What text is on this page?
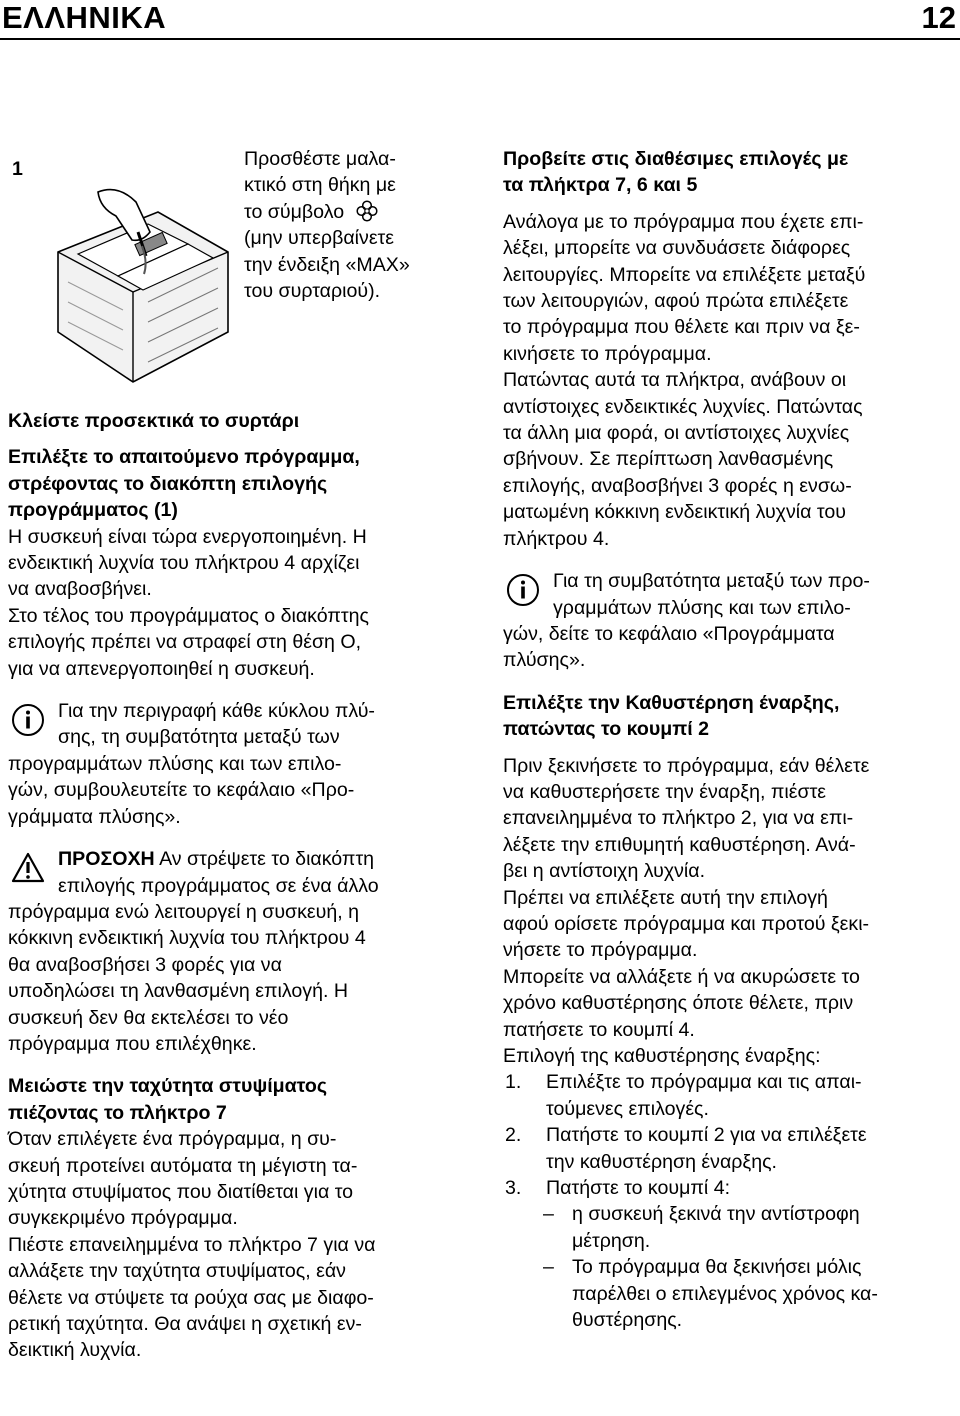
ΕΛΛΗΝΙΚΑ	12
1	Προσθέστε μαλα-

κτικό στη θήκη με

το σύμβολο

(μην υπερβαίνετε

την ένδειξη «MAX»

του συρταριού).

Κλείστε προσεκτικά το συρτάρι

Επιλέξτε το απαιτούμενο πρόγραμμα,

στρέφοντας το διακόπτη επιλογής

προγράμματος (1)

Η συσκευή είναι τώρα ενεργοποιημένη. Η

ενδεικτική λυχνία του πλήκτρου 4 αρχίζει

να αναβοσβήνει.

Στο τέλος του προγράμματος ο διακόπτης

επιλογής πρέπει να στραφεί στη θέση O,

για να απενεργοποιηθεί η συσκευή.

Για την περιγραφή κάθε κύκλου πλύ-

σης, τη συμβατότητα μεταξύ των

προγραμμάτων πλύσης και των επιλο-

γών, συμβουλευτείτε το κεφάλαιο «Προ-

γράμματα πλύσης».

ΠΡΟΣΟΧΗ Αν στρέψετε το διακόπτη

επιλογής προγράμματος σε ένα άλλο

πρόγραμμα ενώ λειτουργεί η συσκευή, η

κόκκινη ενδεικτική λυχνία του πλήκτρου 4

θα αναβοσβήσει 3 φορές για να

υποδηλώσει τη λανθασμένη επιλογή. Η

συσκευή δεν θα εκτελέσει το νέο

πρόγραμμα που επιλέχθηκε.

Μειώστε την ταχύτητα στυψίματος

πιέζοντας το πλήκτρο 7

Όταν επιλέγετε ένα πρόγραμμα, η συ-

σκευή προτείνει αυτόματα τη μέγιστη τα-

χύτητα στυψίματος που διατίθεται για το

συγκεκριμένο πρόγραμμα.

Πιέστε επανειλημμένα το πλήκτρο 7 για να

αλλάξετε την ταχύτητα στυψίματος, εάν

θέλετε να στύψετε τα ρούχα σας με διαφο-

ρετική ταχύτητα. Θα ανάψει η σχετική εν-

δεικτική λυχνία.

Προβείτε στις διαθέσιμες επιλογές με

τα πλήκτρα 7, 6 και 5

Ανάλογα με το πρόγραμμα που έχετε επι-

λέξει, μπορείτε να συνδυάσετε διάφορες

λειτουργίες. Μπορείτε να επιλέξετε μεταξύ

των λειτουργιών, αφού πρώτα επιλέξετε

το πρόγραμμα που θέλετε και πριν να ξε-

κινήσετε το πρόγραμμα.

Πατώντας αυτά τα πλήκτρα, ανάβουν οι

αντίστοιχες ενδεικτικές λυχνίες. Πατώντας

τα άλλη μια φορά, οι αντίστοιχες λυχνίες

σβήνουν. Σε περίπτωση λανθασμένης

επιλογής, αναβοσβήνει 3 φορές η ενσω-

ματωμένη κόκκινη ενδεικτική λυχνία του

πλήκτρου 4.

Για τη συμβατότητα μεταξύ των προ-

γραμμάτων πλύσης και των επιλο-

γών, δείτε το κεφάλαιο «Προγράμματα

πλύσης».

Επιλέξτε την Καθυστέρηση έναρξης,

πατώντας το κουμπί 2

Πριν ξεκινήσετε το πρόγραμμα, εάν θέλετε

να καθυστερήσετε την έναρξη, πιέστε

επανειλημμένα το πλήκτρο 2, για να επι-

λέξετε την επιθυμητή καθυστέρηση. Ανά-

βει η αντίστοιχη λυχνία.

Πρέπει να επιλέξετε αυτή την επιλογή

αφού ορίσετε πρόγραμμα και προτού ξεκι-

νήσετε το πρόγραμμα.

Μπορείτε να αλλάξετε ή να ακυρώσετε το

χρόνο καθυστέρησης όποτε θέλετε, πριν

πατήσετε το κουμπί 4.

Επιλογή της καθυστέρησης έναρξης:

1. Επιλέξτε το πρόγραμμα και τις απαι-

τούμενες επιλογές.

2. Πατήστε το κουμπί 2 για να επιλέξετε

την καθυστέρηση έναρξης.

3. Πατήστε το κουμπί 4:

– η συσκευή ξεκινά την αντίστροφη

μέτρηση.

– Το πρόγραμμα θα ξεκινήσει μόλις

παρέλθει ο επιλεγμένος χρόνος κα-

θυστέρησης.
